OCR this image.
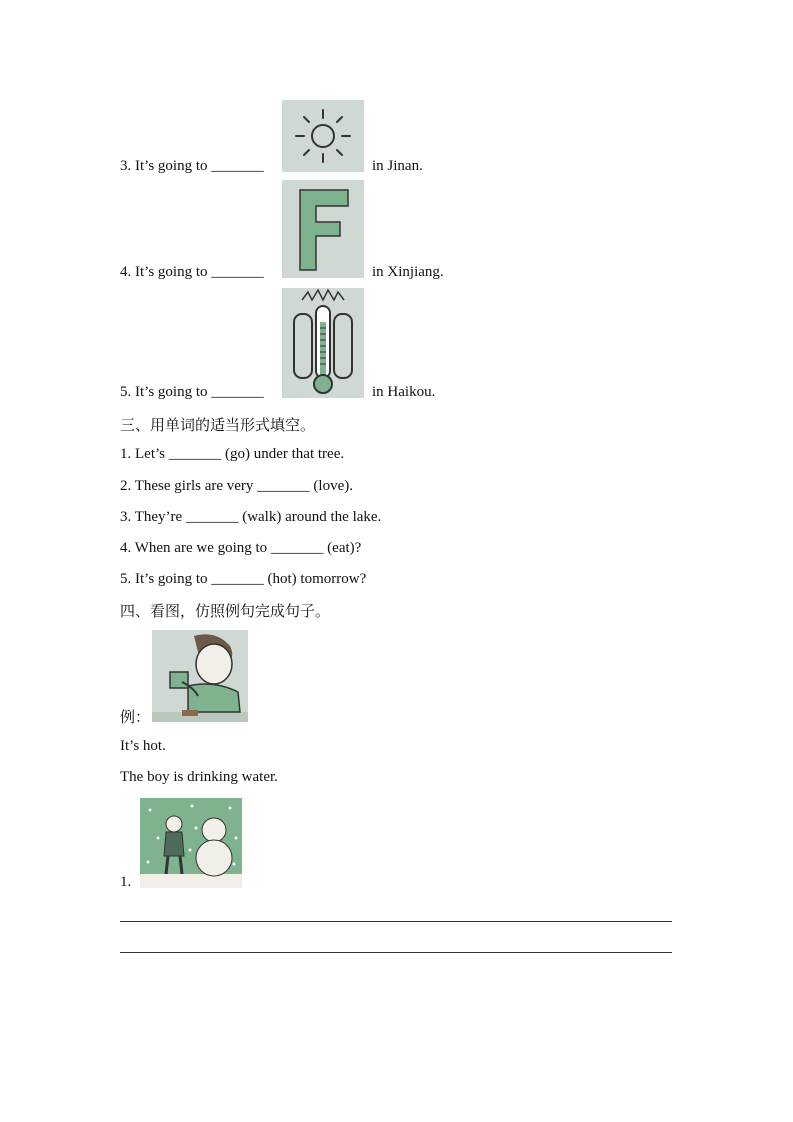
3. It’s going to _______	in Jinan.
4. It’s going to _______	in Xinjiang.
5. It’s going to _______	in Haikou.
三、用单词的适当形式填空。
1. Let’s _______ (go) under that tree.
2. These girls are very _______ (love).
3. They’re _______ (walk) around the lake.
4. When are we going to _______ (eat)?
5. It’s going to _______ (hot) tomorrow?
四、看图，仿照例句完成句子。
例：
It’s hot.
The boy is drinking water.
1.
